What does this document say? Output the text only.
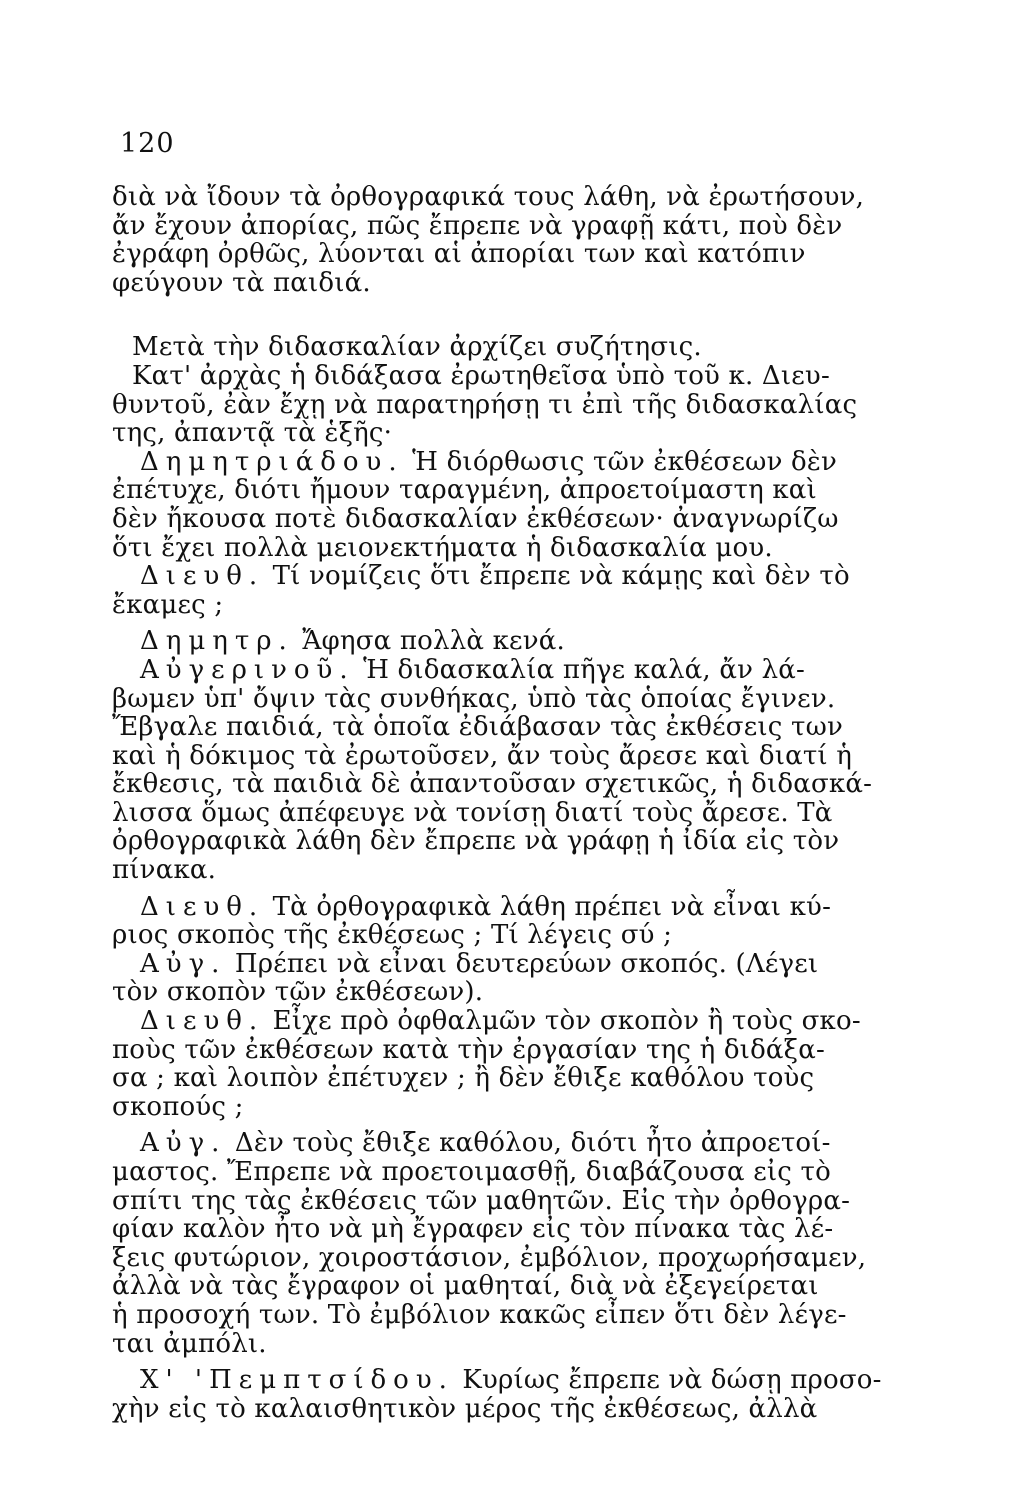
120
διὰ νὰ ἴδουν τὰ ὀρθογραφικά τους λάθη, νὰ ἐρωτήσουν,
ἄν ἔχουν ἀπορίας, πῶς ἔπρεπε νὰ γραφῇ κάτι, ποὺ δὲν
ἐγράφη ὀρθῶς, λύονται αἱ ἀπορίαι των καὶ κατόπιν
φεύγουν τὰ παιδιά.
Μετὰ τὴν διδασκαλίαν ἀρχίζει συζήτησις.
Κατ' ἀρχὰς ἡ διδάξασα ἐρωτηθεῖσα ὑπὸ τοῦ κ. Διευ-
θυντοῦ, ἐὰν ἔχῃ νὰ παρατηρήσῃ τι ἐπὶ τῆς διδασκαλίας
της, ἀπαντᾷ τὰ ἑξῆς·
Δημητριάδου. Ἡ διόρθωσις τῶν ἐκθέσεων δὲν
ἐπέτυχε, διότι ἤμουν ταραγμένη, ἀπροετοίμαστη καὶ
δὲν ἤκουσα ποτὲ διδασκαλίαν ἐκθέσεων· ἀναγνωρίζω
ὅτι ἔχει πολλὰ μειονεκτήματα ἡ διδασκαλία μου.
Διευθ. Τί νομίζεις ὅτι ἔπρεπε νὰ κάμῃς καὶ δὲν τὸ
ἔκαμες ;
Δημητρ. Ἄφησα πολλὰ κενά.
Αὐγερινοῦ. Ἡ διδασκαλία πῆγε καλά, ἄν λά-
βωμεν ὑπ' ὄψιν τὰς συνθήκας, ὑπὸ τὰς ὁποίας ἔγινεν.
Ἔβγαλε παιδιά, τὰ ὁποῖα ἐδιάβασαν τὰς ἐκθέσεις των
καὶ ἡ δόκιμος τὰ ἐρωτοῦσεν, ἄν τοὺς ἄρεσε καὶ διατί ἡ
ἔκθεσις, τὰ παιδιὰ δὲ ἀπαντοῦσαν σχετικῶς, ἡ διδασκά-
λισσα ὅμως ἀπέφευγε νὰ τονίσῃ διατί τοὺς ἄρεσε. Τὰ
ὀρθογραφικὰ λάθη δὲν ἔπρεπε νὰ γράφῃ ἡ ἰδία εἰς τὸν
πίνακα.
Διευθ. Τὰ ὀρθογραφικὰ λάθη πρέπει νὰ εἶναι κύ-
ριος σκοπὸς τῆς ἐκθέσεως ; Τί λέγεις σύ ;
Αὐγ. Πρέπει νὰ εἶναι δευτερεύων σκοπός. (Λέγει
τὸν σκοπὸν τῶν ἐκθέσεων).
Διευθ. Εἶχε πρὸ ὀφθαλμῶν τὸν σκοπὸν ἢ τοὺς σκο-
ποὺς τῶν ἐκθέσεων κατὰ τὴν ἐργασίαν της ἡ διδάξα-
σα ; καὶ λοιπὸν ἐπέτυχεν ; ἢ δὲν ἔθιξε καθόλου τοὺς
σκοπούς ;
Αὐγ. Δὲν τοὺς ἔθιξε καθόλου, διότι ἦτο ἀπροετοί-
μαστος. Ἔπρεπε νὰ προετοιμασθῇ, διαβάζουσα εἰς τὸ
σπίτι της τὰς ἐκθέσεις τῶν μαθητῶν. Εἰς τὴν ὀρθογρα-
φίαν καλὸν ἦτο νὰ μὴ ἔγραφεν εἰς τὸν πίνακα τὰς λέ-
ξεις φυτώριον, χοιροστάσιον, ἐμβόλιον, προχωρήσαμεν,
ἀλλὰ νὰ τὰς ἔγραφον οἱ μαθηταί, διὰ νὰ ἐξεγείρεται
ἡ προσοχή των. Τὸ ἐμβόλιον κακῶς εἶπεν ὅτι δὲν λέγε-
ται ἀμπόλι.
Χ' 'Πεμπτσίδου. Κυρίως ἔπρεπε νὰ δώσῃ προσο-
χὴν εἰς τὸ καλαισθητικὸν μέρος τῆς ἐκθέσεως, ἀλλὰ
